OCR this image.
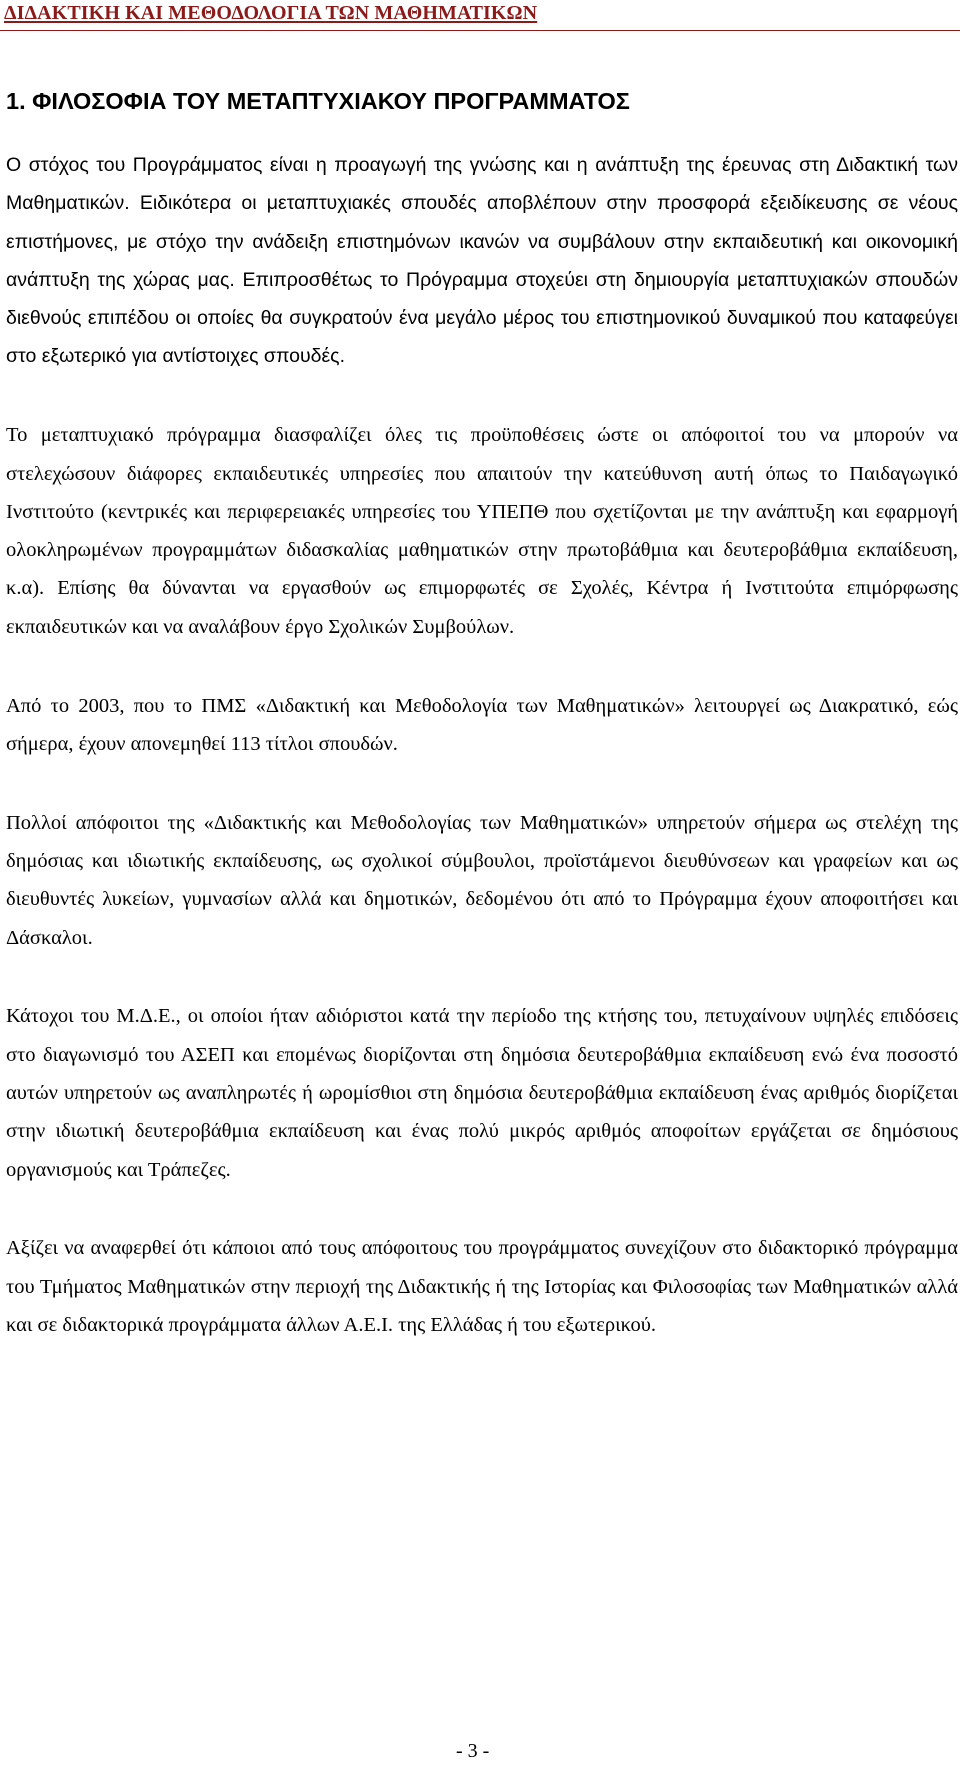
ΔΙΔΑΚΤΙΚΗ ΚΑΙ ΜΕΘΟΔΟΛΟΓΙΑ ΤΩΝ ΜΑΘΗΜΑΤΙΚΩΝ
1. ΦΙΛΟΣΟΦΙΑ ΤΟΥ ΜΕΤΑΠΤΥΧΙΑΚΟΥ ΠΡΟΓΡΑΜΜΑΤΟΣ

Ο στόχος του Προγράμματος είναι η προαγωγή της γνώσης και η ανάπτυξη της έρευνας στη Διδακτική των Μαθηματικών. Ειδικότερα οι μεταπτυχιακές σπουδές αποβλέπουν στην προσφορά εξειδίκευσης σε νέους επιστήμονες, με στόχο την ανάδειξη επιστημόνων ικανών να συμβάλουν στην εκπαιδευτική και οικονομική ανάπτυξη της χώρας μας. Επιπροσθέτως το Πρόγραμμα στοχεύει στη δημιουργία μεταπτυχιακών σπουδών διεθνούς επιπέδου οι οποίες θα συγκρατούν ένα μεγάλο μέρος του επιστημονικού δυναμικού που καταφεύγει στο εξωτερικό για αντίστοιχες σπουδές.

Το μεταπτυχιακό πρόγραμμα διασφαλίζει όλες τις προϋποθέσεις ώστε οι απόφοιτοί του να μπορούν να στελεχώσουν διάφορες εκπαιδευτικές υπηρεσίες που απαιτούν την κατεύθυνση αυτή όπως το Παιδαγωγικό Ινστιτούτο (κεντρικές και περιφερειακές υπηρεσίες του ΥΠΕΠΘ που σχετίζονται με την ανάπτυξη και εφαρμογή ολοκληρωμένων προγραμμάτων διδασκαλίας μαθηματικών στην πρωτοβάθμια και δευτεροβάθμια εκπαίδευση, κ.α). Επίσης θα δύνανται να εργασθούν ως επιμορφωτές σε Σχολές, Κέντρα ή Ινστιτούτα επιμόρφωσης εκπαιδευτικών και να αναλάβουν έργο Σχολικών Συμβούλων.

Από το 2003, που το ΠΜΣ «Διδακτική και Μεθοδολογία των Μαθηματικών» λειτουργεί ως Διακρατικό, εώς σήμερα, έχουν απονεμηθεί 113 τίτλοι σπουδών.

Πολλοί απόφοιτοι της «Διδακτικής και Μεθοδολογίας των Μαθηματικών» υπηρετούν σήμερα ως στελέχη της δημόσιας και ιδιωτικής εκπαίδευσης, ως σχολικοί σύμβουλοι, προϊστάμενοι διευθύνσεων και γραφείων και ως διευθυντές λυκείων, γυμνασίων αλλά και δημοτικών, δεδομένου ότι από το Πρόγραμμα έχουν αποφοιτήσει και Δάσκαλοι.

Κάτοχοι του Μ.Δ.Ε., οι οποίοι ήταν αδιόριστοι κατά την περίοδο της κτήσης του, πετυχαίνουν υψηλές επιδόσεις στο διαγωνισμό του ΑΣΕΠ και επομένως διορίζονται στη δημόσια δευτεροβάθμια εκπαίδευση ενώ ένα ποσοστό αυτών υπηρετούν ως αναπληρωτές ή ωρομίσθιοι στη δημόσια δευτεροβάθμια εκπαίδευση ένας αριθμός διορίζεται στην ιδιωτική δευτεροβάθμια εκπαίδευση και ένας πολύ μικρός αριθμός αποφοίτων εργάζεται σε δημόσιους οργανισμούς και Τράπεζες.

Αξίζει να αναφερθεί ότι κάποιοι από τους απόφοιτους του προγράμματος συνεχίζουν στο διδακτορικό πρόγραμμα του Τμήματος Μαθηματικών στην περιοχή της Διδακτικής ή της Ιστορίας και Φιλοσοφίας των Μαθηματικών αλλά και σε διδακτορικά προγράμματα άλλων Α.Ε.Ι. της Ελλάδας ή του εξωτερικού.

- 3 -
